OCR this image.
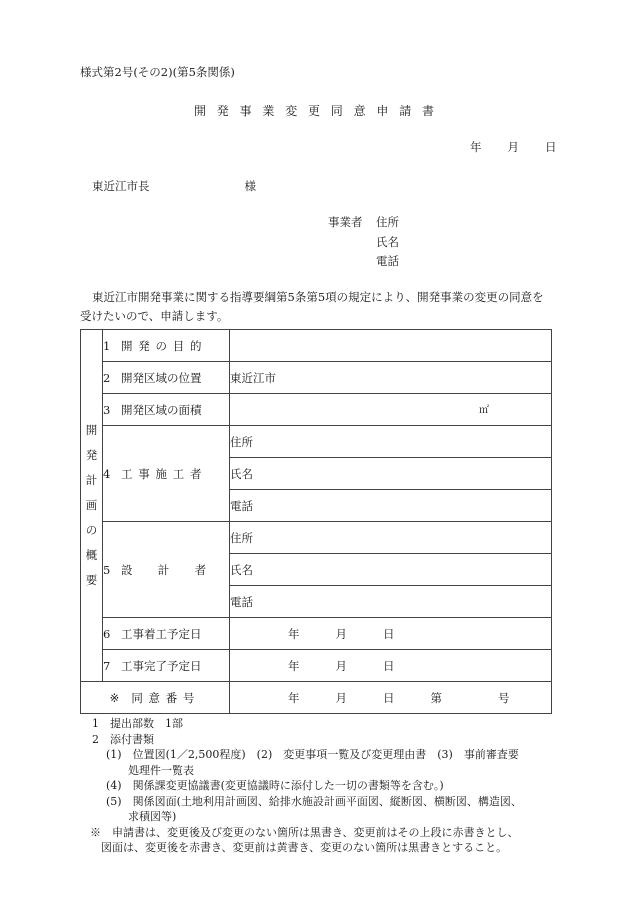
様式第2号(その2)(第5条関係)
開発事業変更同意申請書
年 月 日
東近江市長	様
事業者 住所
氏名
電話
東近江市開発事業に関する指導要綱第5条第5項の規定により、開発事業の変更の同意を
受けたいので、申請します。
開発計画の概要	1 開発の目的	
	2 開発区域の位置	東近江市
	3 開発区域の面積	㎡

	4 工事施工者	住所
		氏名
		電話
	5 設計者	住所
		氏名
		電話
	6 工事着工予定日	年 月 日
	7 工事完了予定日	年 月 日
※ 同意番号		年 月 日 第 号
1　提出部数　1部
2　添付書類
(1)　位置図(1／2,500程度)　(2)　変更事項一覧及び変更理由書　(3)　事前審査要
　　処理件一覧表
(4)　関係課変更協議書(変更協議時に添付した一切の書類等を含む。)
(5)　関係図面(土地利用計画図、給排水施設計画平面図、縦断図、横断図、構造図、
　　求積図等)
※　申請書は、変更後及び変更のない箇所は黒書き、変更前はその上段に赤書きとし、
　図面は、変更後を赤書き、変更前は黄書き、変更のない箇所は黒書きとすること。
